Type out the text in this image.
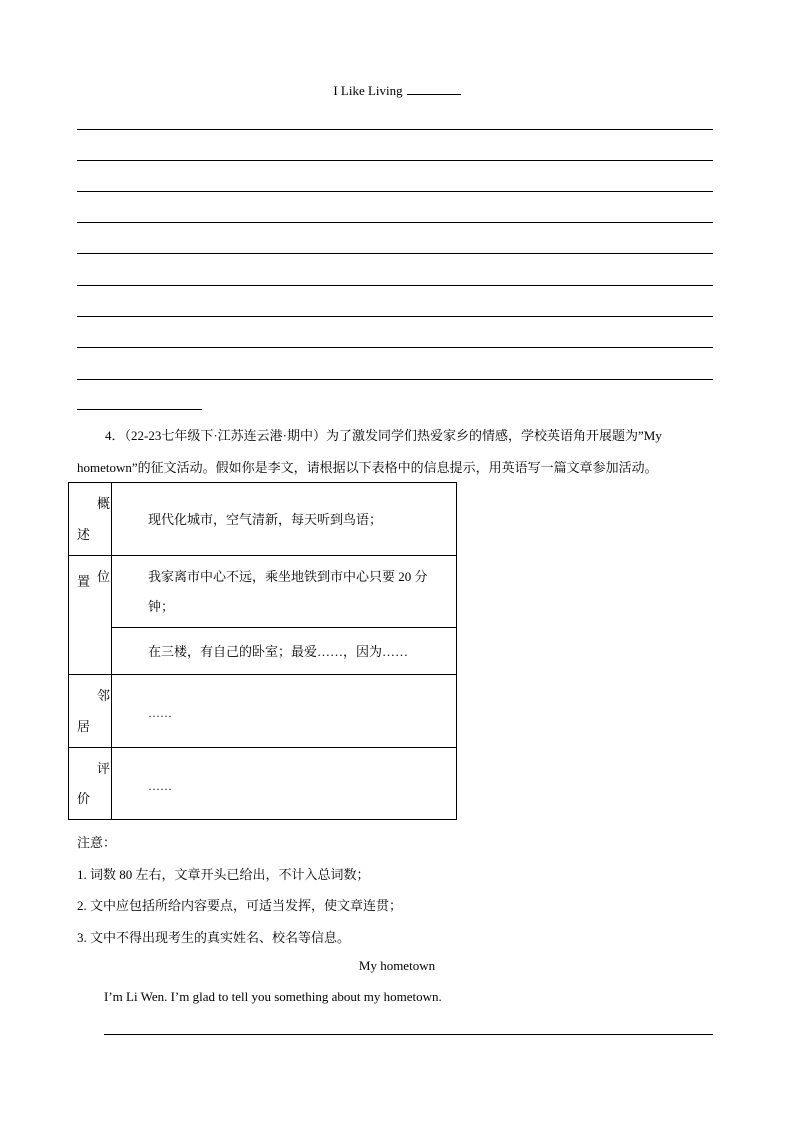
I Like Living
4．（22-23七年级下·江苏连云港·期中）为了激发同学们热爱家乡的情感，学校英语角开展题为”My
hometown”的征文活动。假如你是李文，请根据以下表格中的信息提示，用英语写一篇文章参加活动。
概
述	现代化城市，空气清新，每天听到鸟语；

位
置	我家离市中心不远，乘坐地铁到市中心只要 20 分钟；

	在三楼，有自己的卧室；最爱……，因为……

邻
居	……

评
价	……
注意：
1. 词数 80 左右，文章开头已给出，不计入总词数；
2. 文中应包括所给内容要点，可适当发挥，使文章连贯；
3. 文中不得出现考生的真实姓名、校名等信息。
My hometown
I’m Li Wen. I’m glad to tell you something about my hometown.
